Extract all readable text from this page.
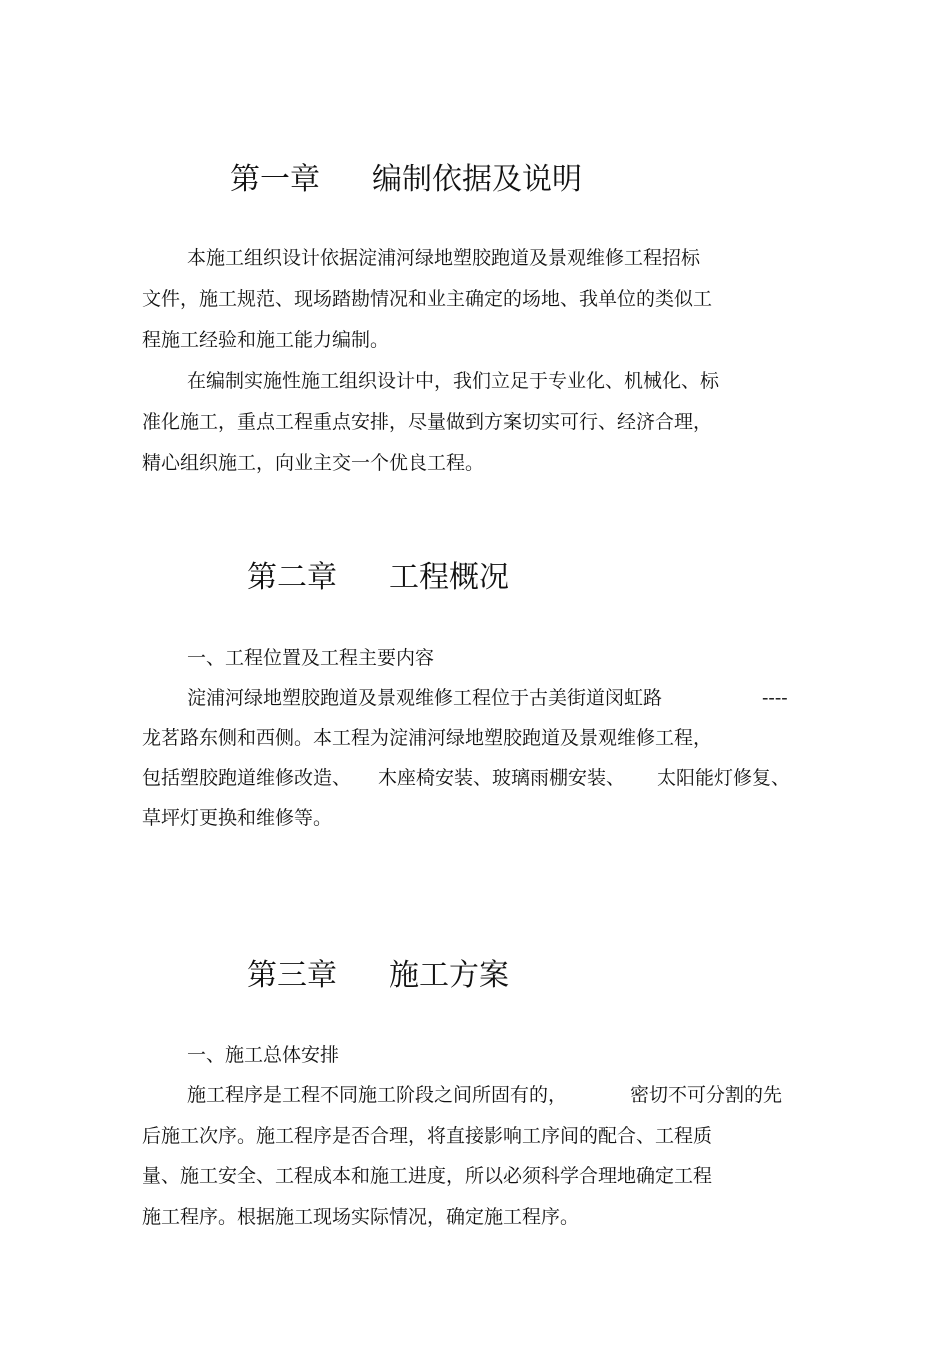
第一章 编制依据及说明

本施工组织设计依据淀浦河绿地塑胶跑道及景观维修工程招标

文件，施工规范、现场踏勘情况和业主确定的场地、我单位的类似工

程施工经验和施工能力编制。

在编制实施性施工组织设计中，我们立足于专业化、机械化、标

准化施工，重点工程重点安排，尽量做到方案切实可行、经济合理，

精心组织施工，向业主交一个优良工程。

第二章 工程概况

一、工程位置及工程主要内容

淀浦河绿地塑胶跑道及景观维修工程位于古美街道闵虹路	----

龙茗路东侧和西侧。本工程为淀浦河绿地塑胶跑道及景观维修工程，

包括塑胶跑道维修改造、 木座椅安装、玻璃雨棚安装、 太阳能灯修复、

草坪灯更换和维修等。

第三章 施工方案

一、施工总体安排

施工程序是工程不同施工阶段之间所固有的，	密切不可分割的先

后施工次序。施工程序是否合理，将直接影响工序间的配合、工程质

量、施工安全、工程成本和施工进度，所以必须科学合理地确定工程

施工程序。根据施工现场实际情况，确定施工程序。
